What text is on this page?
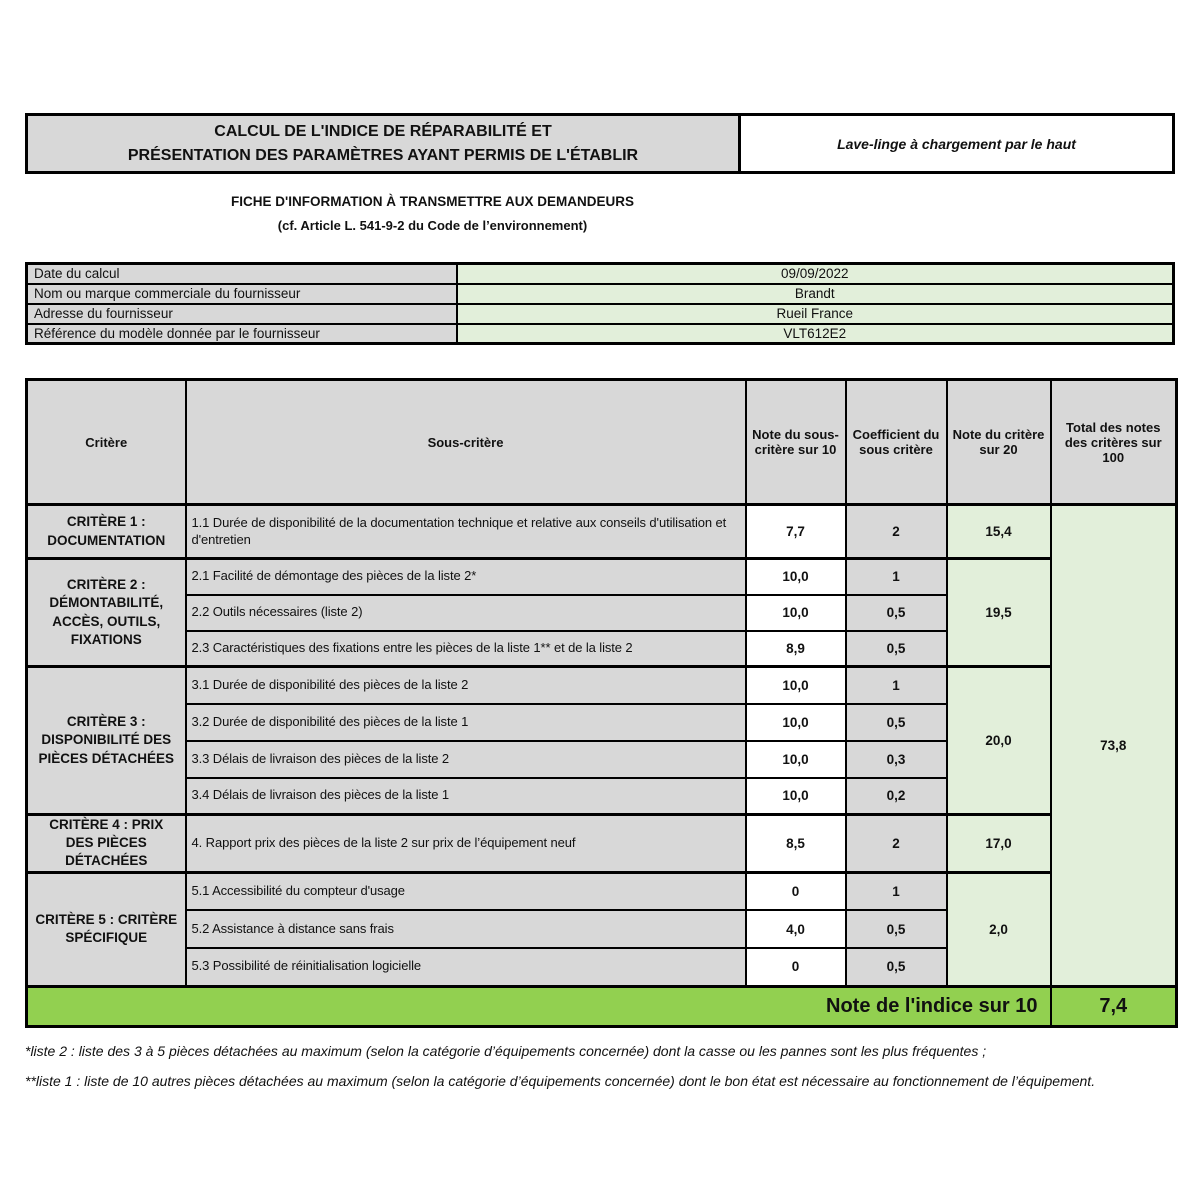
CALCUL DE L'INDICE DE RÉPARABILITÉ ET
PRÉSENTATION DES PARAMÈTRES AYANT PERMIS DE L'ÉTABLIR
Lave-linge à chargement par le haut
FICHE D'INFORMATION À TRANSMETTRE AUX DEMANDEURS
(cf. Article L. 541-9-2 du Code de l’environnement)
Date du calcul	09/09/2022
Nom ou marque commerciale du fournisseur	Brandt
Adresse du fournisseur	Rueil France
Référence du modèle donnée par le fournisseur	VLT612E2
Critère	Sous-critère	Note du sous-critère sur 10	Coefficient du sous critère	Note du critère sur 20	Total des notes des critères sur 100
CRITÈRE 1 : DOCUMENTATION	1.1 Durée de disponibilité de la documentation technique et relative aux conseils d'utilisation et d'entretien	7,7	2	15,4	73,8
CRITÈRE 2 : DÉMONTABILITÉ, ACCÈS, OUTILS, FIXATIONS	2.1 Facilité de démontage des pièces de la liste 2*	10,0	1	19,5	
	2.2 Outils nécessaires (liste 2)	10,0	0,5		
	2.3 Caractéristiques des fixations entre les pièces de la liste 1** et de la liste 2	8,9	0,5		
CRITÈRE 3 : DISPONIBILITÉ DES PIÈCES DÉTACHÉES	3.1 Durée de disponibilité des pièces de la liste 2	10,0	1	20,0	
	3.2 Durée de disponibilité des pièces de la liste 1	10,0	0,5		
	3.3 Délais de livraison des pièces de la liste 2	10,0	0,3		
	3.4 Délais de livraison des pièces de la liste 1	10,0	0,2		
CRITÈRE 4 : PRIX DES PIÈCES DÉTACHÉES	4. Rapport prix des pièces de la liste 2 sur prix de l’équipement neuf	8,5	2	17,0	
CRITÈRE 5 : CRITÈRE SPÉCIFIQUE	5.1 Accessibilité du compteur d'usage	0	1	2,0	
	5.2 Assistance à distance sans frais	4,0	0,5		
	5.3 Possibilité de réinitialisation logicielle	0	0,5		
Note de l'indice sur 10					7,4

*liste 2 : liste des 3 à 5 pièces détachées au maximum (selon la catégorie d’équipements concernée) dont la casse ou les pannes sont les plus fréquentes ;

**liste 1 : liste de 10 autres pièces détachées au maximum (selon la catégorie d’équipements concernée) dont le bon état est nécessaire au fonctionnement de l’équipement.
